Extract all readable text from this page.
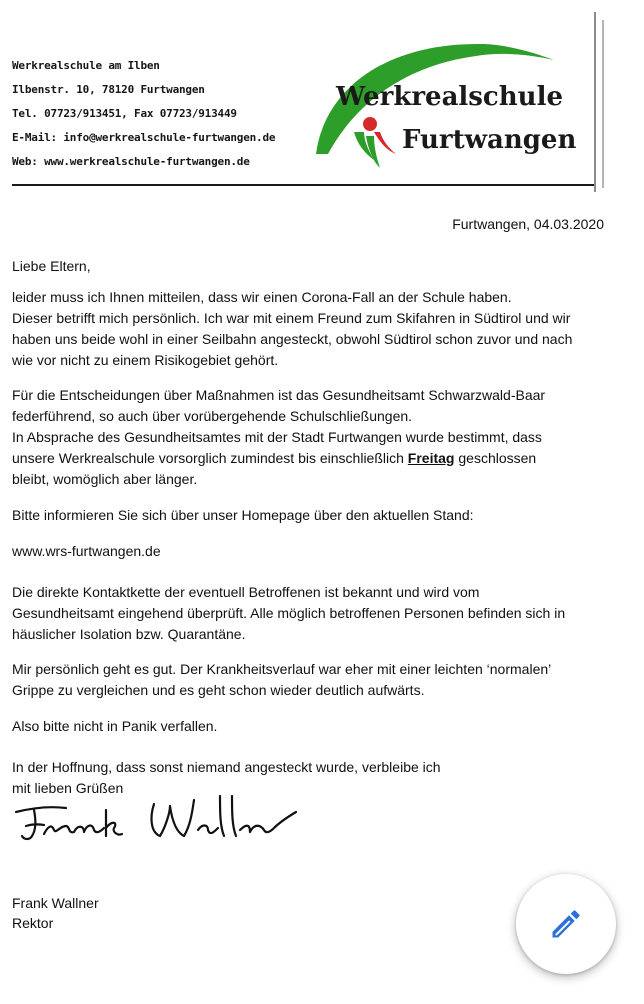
Werkrealschule am Ilben
Ilbenstr. 10, 78120 Furtwangen
Tel. 07723/913451, Fax 07723/913449
E-Mail: info@werkrealschule-furtwangen.de
Web: www.werkrealschule-furtwangen.de
Werkrealschule
Furtwangen
Furtwangen, 04.03.2020
Liebe Eltern,
leider muss ich Ihnen mitteilen, dass wir einen Corona-Fall an der Schule haben.
Dieser betrifft mich persönlich. Ich war mit einem Freund zum Skifahren in Südtirol und wir
haben uns beide wohl in einer Seilbahn angesteckt, obwohl Südtirol schon zuvor und nach
wie vor nicht zu einem Risikogebiet gehört.
Für die Entscheidungen über Maßnahmen ist das Gesundheitsamt Schwarzwald-Baar
federführend, so auch über vorübergehende Schulschließungen.
In Absprache des Gesundheitsamtes mit der Stadt Furtwangen wurde bestimmt, dass
unsere Werkrealschule vorsorglich zumindest bis einschließlich Freitag geschlossen
bleibt, womöglich aber länger.
Bitte informieren Sie sich über unser Homepage über den aktuellen Stand:
www.wrs-furtwangen.de
Die direkte Kontaktkette der eventuell Betroffenen ist bekannt und wird vom
Gesundheitsamt eingehend überprüft. Alle möglich betroffenen Personen befinden sich in
häuslicher Isolation bzw. Quarantäne.
Mir persönlich geht es gut. Der Krankheitsverlauf war eher mit einer leichten ‘normalen’
Grippe zu vergleichen und es geht schon wieder deutlich aufwärts.
Also bitte nicht in Panik verfallen.
In der Hoffnung, dass sonst niemand angesteckt wurde, verbleibe ich
mit lieben Grüßen
Frank Wallner
Rektor
